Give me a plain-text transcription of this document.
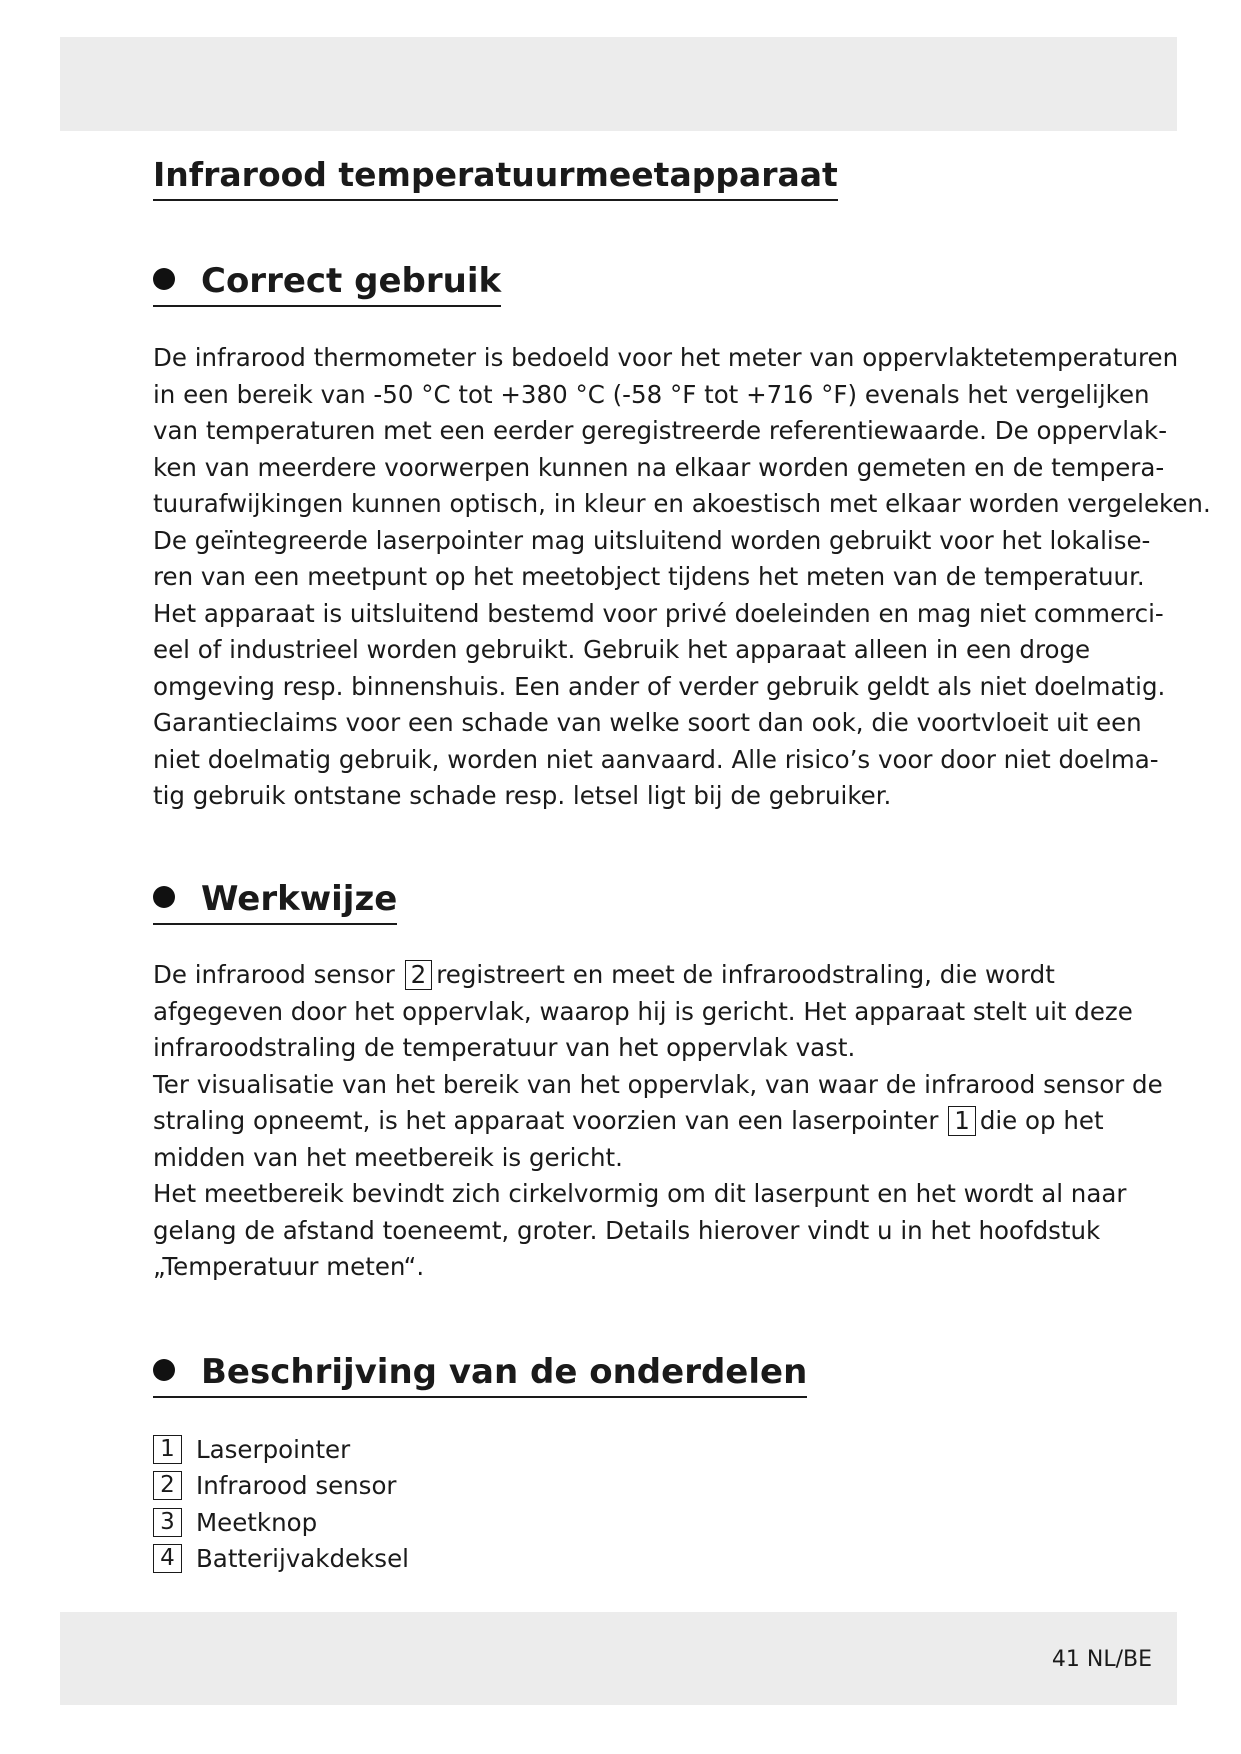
Infrarood temperatuurmeetapparaat
Correct gebruik
De infrarood thermometer is bedoeld voor het meter van oppervlaktetemperaturen
in een bereik van -50 °C tot +380 °C (-58 °F tot +716 °F) evenals het vergelijken
van temperaturen met een eerder geregistreerde referentiewaarde. De oppervlak-
ken van meerdere voorwerpen kunnen na elkaar worden gemeten en de tempera-
tuurafwijkingen kunnen optisch, in kleur en akoestisch met elkaar worden vergeleken.
De geïntegreerde laserpointer mag uitsluitend worden gebruikt voor het lokalise-
ren van een meetpunt op het meetobject tijdens het meten van de temperatuur.
Het apparaat is uitsluitend bestemd voor privé doeleinden en mag niet commerci-
eel of industrieel worden gebruikt. Gebruik het apparaat alleen in een droge
omgeving resp. binnenshuis. Een ander of verder gebruik geldt als niet doelmatig.
Garantieclaims voor een schade van welke soort dan ook, die voortvloeit uit een
niet doelmatig gebruik, worden niet aanvaard. Alle risico’s voor door niet doelma-
tig gebruik ontstane schade resp. letsel ligt bij de gebruiker.
Werkwijze
De infrarood sensor 2 registreert en meet de infraroodstraling, die wordt
afgegeven door het oppervlak, waarop hij is gericht. Het apparaat stelt uit deze
infraroodstraling de temperatuur van het oppervlak vast.
Ter visualisatie van het bereik van het oppervlak, van waar de infrarood sensor de
straling opneemt, is het apparaat voorzien van een laserpointer 1 die op het
midden van het meetbereik is gericht.
Het meetbereik bevindt zich cirkelvormig om dit laserpunt en het wordt al naar
gelang de afstand toeneemt, groter. Details hierover vindt u in het hoofdstuk
„Temperatuur meten“.
Beschrijving van de onderdelen
1 Laserpointer
2 Infrarood sensor
3 Meetknop
4 Batterijvakdeksel
41 NL/BE
